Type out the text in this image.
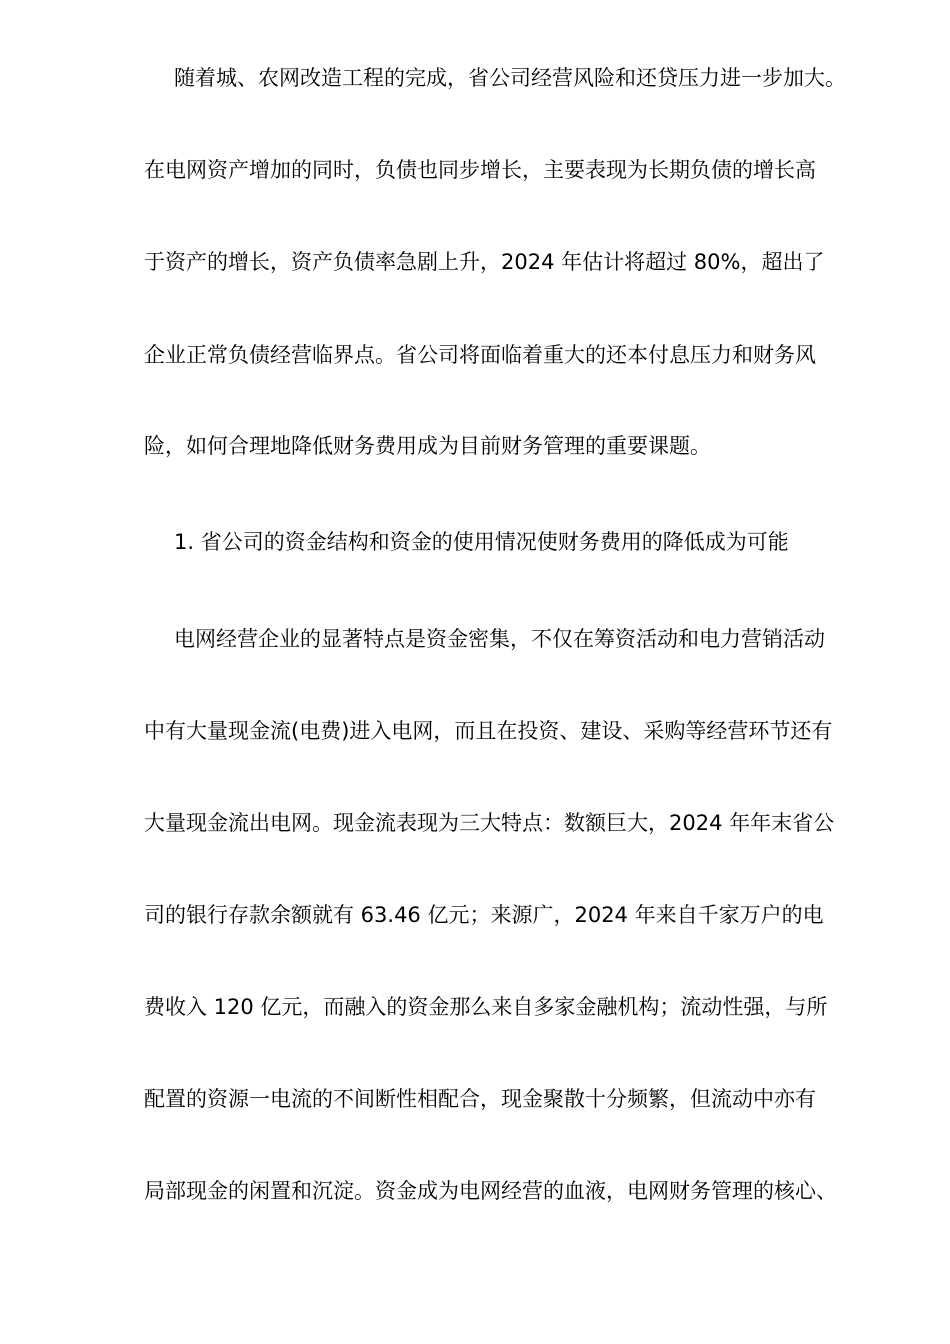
随着城、农网改造工程的完成，省公司经营风险和还贷压力进一步加大。
在电网资产增加的同时，负债也同步增长，主要表现为长期负债的增长高
于资产的增长，资产负债率急剧上升，2024 年估计将超过 80%，超出了
企业正常负债经营临界点。省公司将面临着重大的还本付息压力和财务风
险，如何合理地降低财务费用成为目前财务管理的重要课题。
1. 省公司的资金结构和资金的使用情况使财务费用的降低成为可能
电网经营企业的显著特点是资金密集，不仅在筹资活动和电力营销活动
中有大量现金流(电费)进入电网，而且在投资、建设、采购等经营环节还有
大量现金流出电网。现金流表现为三大特点：数额巨大，2024 年年末省公
司的银行存款余额就有 63.46 亿元；来源广，2024 年来自千家万户的电
费收入 120 亿元，而融入的资金那么来自多家金融机构；流动性强，与所
配置的资源一电流的不间断性相配合，现金聚散十分频繁，但流动中亦有
局部现金的闲置和沉淀。资金成为电网经营的血液，电网财务管理的核心、
